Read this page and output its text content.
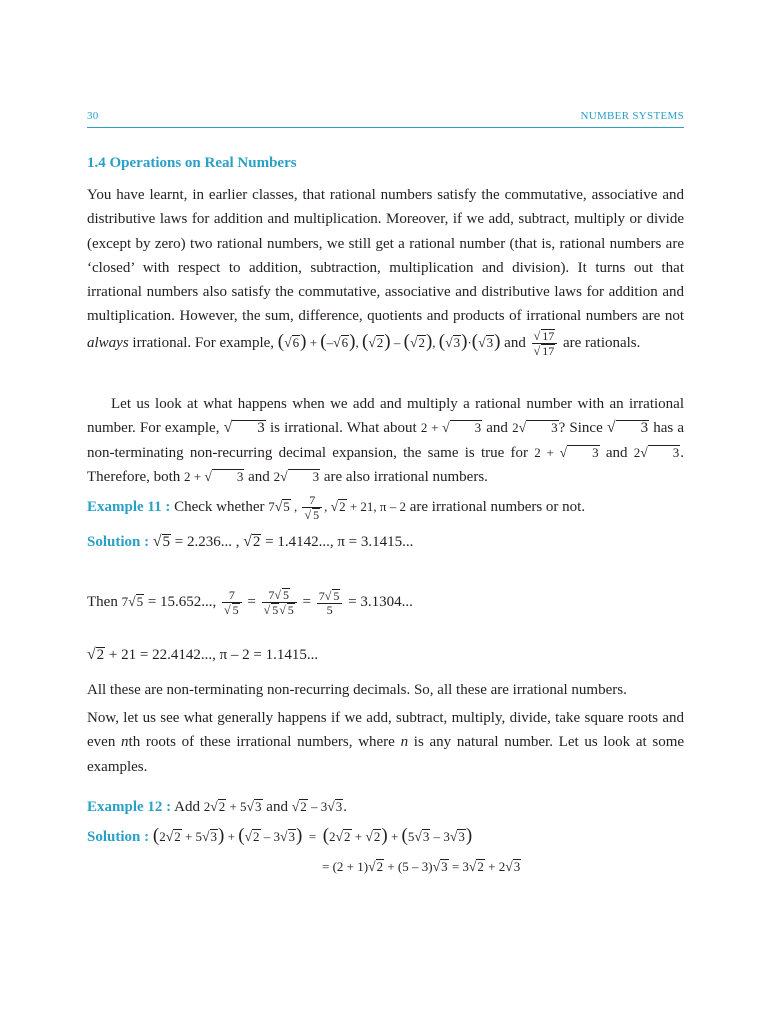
30	NUMBER SYSTEMS
1.4 Operations on Real Numbers
You have learnt, in earlier classes, that rational numbers satisfy the commutative, associative and distributive laws for addition and multiplication. Moreover, if we add, subtract, multiply or divide (except by zero) two rational numbers, we still get a rational number (that is, rational numbers are ‘closed’ with respect to addition, subtraction, multiplication and division). It turns out that irrational numbers also satisfy the commutative, associative and distributive laws for addition and multiplication. However, the sum, difference, quotients and products of irrational numbers are not always irrational. For example, (√6) + (–√6), (√2) – (√2), (√3)·(√3) and $\frac{√ 17}{√ 17}$ are rationals.
Let us look at what happens when we add and multiply a rational number with an irrational number. For example, √ 3 is irrational. What about 2 + √ 3 and 2√ 3? Since √ 3 has a non-terminating non-recurring decimal expansion, the same is true for 2 + √ 3 and 2√ 3. Therefore, both 2 + √ 3 and 2√ 3 are also irrational numbers.
Example 11 : Check whether 7√5 , $\frac{7}{√ 5}$ , √2 + 21, π – 2 are irrational numbers or not.
Solution : √5 = 2.236... , √2 = 1.4142..., π = 3.1415...
Then 7√5 = 15.652..., $\frac{7}{√ 5} = \frac{7√ 5}{√ 5√ 5} = \frac{7√ 5}{5} = 3.1304$...
√2 + 21 = 22.4142..., π – 2 = 1.1415...
All these are non-terminating non-recurring decimals. So, all these are irrational numbers.
Now, let us see what generally happens if we add, subtract, multiply, divide, take square roots and even nth roots of these irrational numbers, where n is any natural number. Let us look at some examples.
Example 12 : Add 2√2 + 5√3 and √2 – 3√3.
Solution : (2√2 + 5√3) + (√2 – 3√3)  =  (2√2 + √2) + (5√3 – 3√3)
= (2 + 1)√2 + (5 – 3)√3 = 3√2 + 2√3
